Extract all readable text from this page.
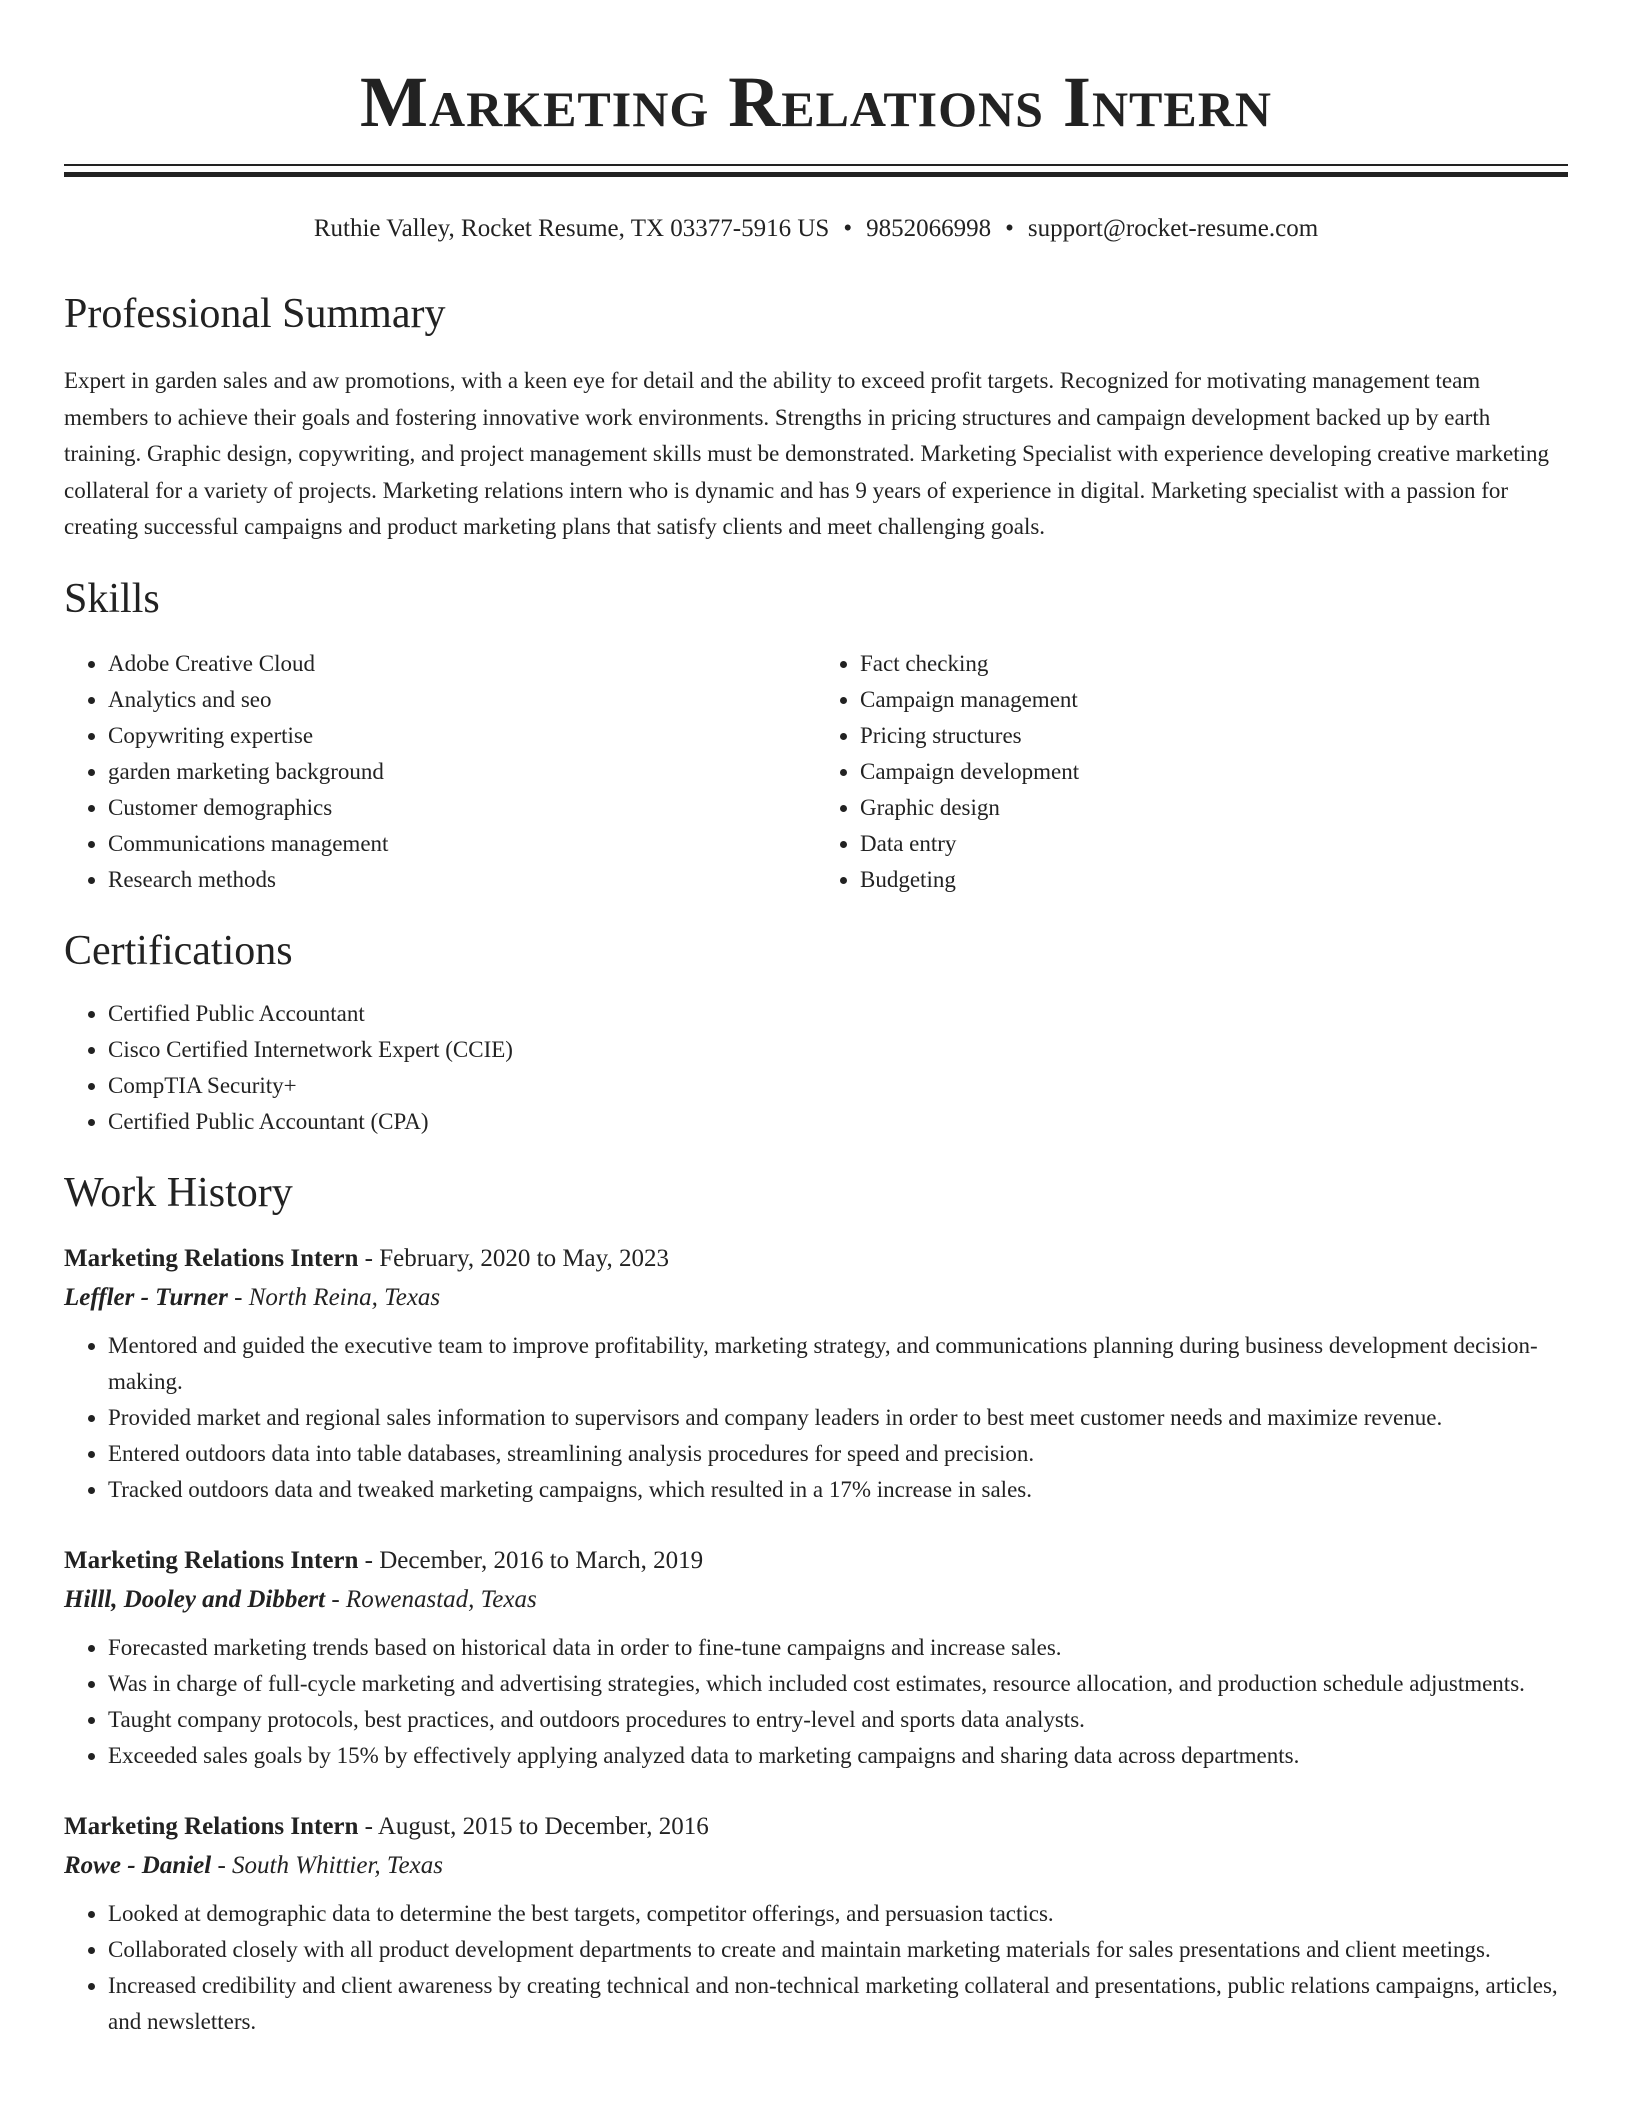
Marketing Relations Intern
Ruthie Valley, Rocket Resume, TX 03377-5916 US • 9852066998 • support@rocket-resume.com
Professional Summary

Expert in garden sales and aw promotions, with a keen eye for detail and the ability to exceed profit targets. Recognized for motivating management team members to achieve their goals and fostering innovative work environments. Strengths in pricing structures and campaign development backed up by earth training. Graphic design, copywriting, and project management skills must be demonstrated. Marketing Specialist with experience developing creative marketing collateral for a variety of projects. Marketing relations intern who is dynamic and has 9 years of experience in digital. Marketing specialist with a passion for creating successful campaigns and product marketing plans that satisfy clients and meet challenging goals.

Skills
• Adobe Creative Cloud
• Analytics and seo
• Copywriting expertise
• garden marketing background
• Customer demographics
• Communications management
• Research methods
• Fact checking
• Campaign management
• Pricing structures
• Campaign development
• Graphic design
• Data entry
• Budgeting
Certifications
• Certified Public Accountant
• Cisco Certified Internetwork Expert (CCIE)
• CompTIA Security+
• Certified Public Accountant (CPA)
Work History
Marketing Relations Intern - February, 2020 to May, 2023
Leffler - Turner - North Reina, Texas
• Mentored and guided the executive team to improve profitability, marketing strategy, and communications planning during business development decision-making.
• Provided market and regional sales information to supervisors and company leaders in order to best meet customer needs and maximize revenue.
• Entered outdoors data into table databases, streamlining analysis procedures for speed and precision.
• Tracked outdoors data and tweaked marketing campaigns, which resulted in a 17% increase in sales.
Marketing Relations Intern - December, 2016 to March, 2019
Hilll, Dooley and Dibbert - Rowenastad, Texas
• Forecasted marketing trends based on historical data in order to fine-tune campaigns and increase sales.
• Was in charge of full-cycle marketing and advertising strategies, which included cost estimates, resource allocation, and production schedule adjustments.
• Taught company protocols, best practices, and outdoors procedures to entry-level and sports data analysts.
• Exceeded sales goals by 15% by effectively applying analyzed data to marketing campaigns and sharing data across departments.
Marketing Relations Intern - August, 2015 to December, 2016
Rowe - Daniel - South Whittier, Texas
• Looked at demographic data to determine the best targets, competitor offerings, and persuasion tactics.
• Collaborated closely with all product development departments to create and maintain marketing materials for sales presentations and client meetings.
• Increased credibility and client awareness by creating technical and non-technical marketing collateral and presentations, public relations campaigns, articles, and newsletters.
